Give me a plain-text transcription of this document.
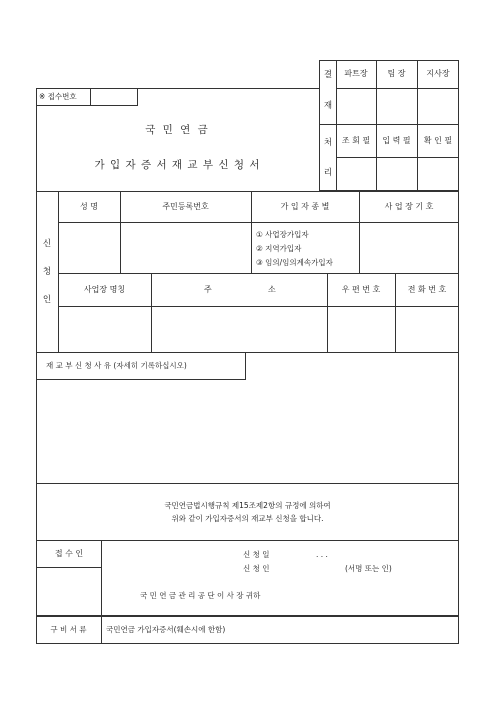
결
재
처
리
파트장	팀 장	지사장
조 회 필	입 력 필	확 인 필
※ 접수번호
국 민 연 금
가 입 자 증 서 재 교 부 신 청 서
신
청
인
성 명	주민등록번호	가 입 자 종 별	사 업 장 기 호
① 사업장가입자
② 지역가입자
③ 임의/임의계속가입자
사업장 명칭	주	소	우 편 번 호	전 화 번 호
재 교 부 신 청 사 유 (자세히 기록하십시오)
국민연금법시행규칙 제15조제2항의 규정에 의하여
위와 같이 가입자증서의 재교부 신청을 합니다.
접 수 인	신 청 일	. . .
신 청 인	(서명 또는 인)
국 민 연 금 관 리 공 단 이 사 장 귀하
구 비 서 류	국민연금 가입자증서(훼손시에 한함)
